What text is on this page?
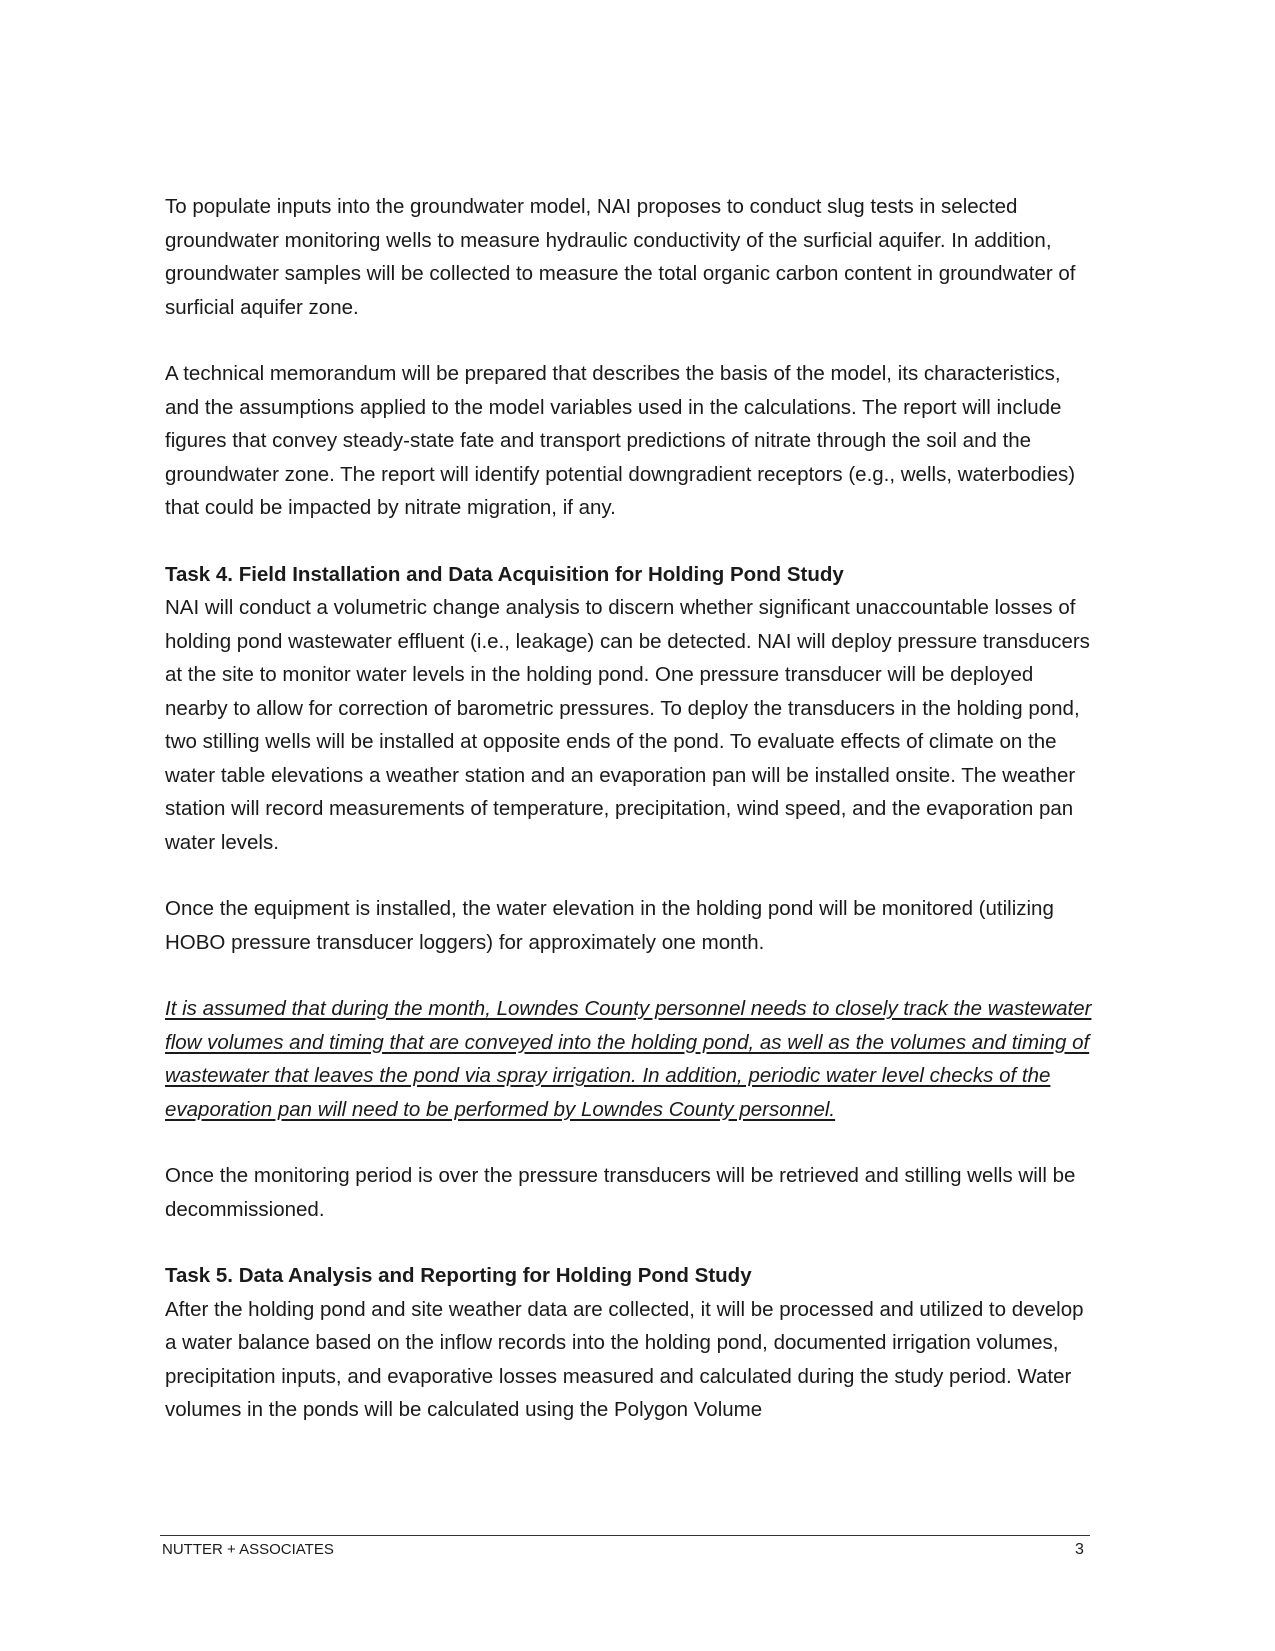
To populate inputs into the groundwater model, NAI proposes to conduct slug tests in selected groundwater monitoring wells to measure hydraulic conductivity of the surficial aquifer. In addition, groundwater samples will be collected to measure the total organic carbon content in groundwater of surficial aquifer zone.

A technical memorandum will be prepared that describes the basis of the model, its characteristics, and the assumptions applied to the model variables used in the calculations. The report will include figures that convey steady-state fate and transport predictions of nitrate through the soil and the groundwater zone. The report will identify potential downgradient receptors (e.g., wells, waterbodies) that could be impacted by nitrate migration, if any.

Task 4. Field Installation and Data Acquisition for Holding Pond Study

NAI will conduct a volumetric change analysis to discern whether significant unaccountable losses of holding pond wastewater effluent (i.e., leakage) can be detected. NAI will deploy pressure transducers at the site to monitor water levels in the holding pond. One pressure transducer will be deployed nearby to allow for correction of barometric pressures. To deploy the transducers in the holding pond, two stilling wells will be installed at opposite ends of the pond. To evaluate effects of climate on the water table elevations a weather station and an evaporation pan will be installed onsite. The weather station will record measurements of temperature, precipitation, wind speed, and the evaporation pan water levels.

Once the equipment is installed, the water elevation in the holding pond will be monitored (utilizing HOBO pressure transducer loggers) for approximately one month.

It is assumed that during the month, Lowndes County personnel needs to closely track the wastewater flow volumes and timing that are conveyed into the holding pond, as well as the volumes and timing of wastewater that leaves the pond via spray irrigation. In addition, periodic water level checks of the evaporation pan will need to be performed by Lowndes County personnel.

Once the monitoring period is over the pressure transducers will be retrieved and stilling wells will be decommissioned.

Task 5. Data Analysis and Reporting for Holding Pond Study

After the holding pond and site weather data are collected, it will be processed and utilized to develop a water balance based on the inflow records into the holding pond, documented irrigation volumes, precipitation inputs, and evaporative losses measured and calculated during the study period. Water volumes in the ponds will be calculated using the Polygon Volume

NUTTER + ASSOCIATES	3
